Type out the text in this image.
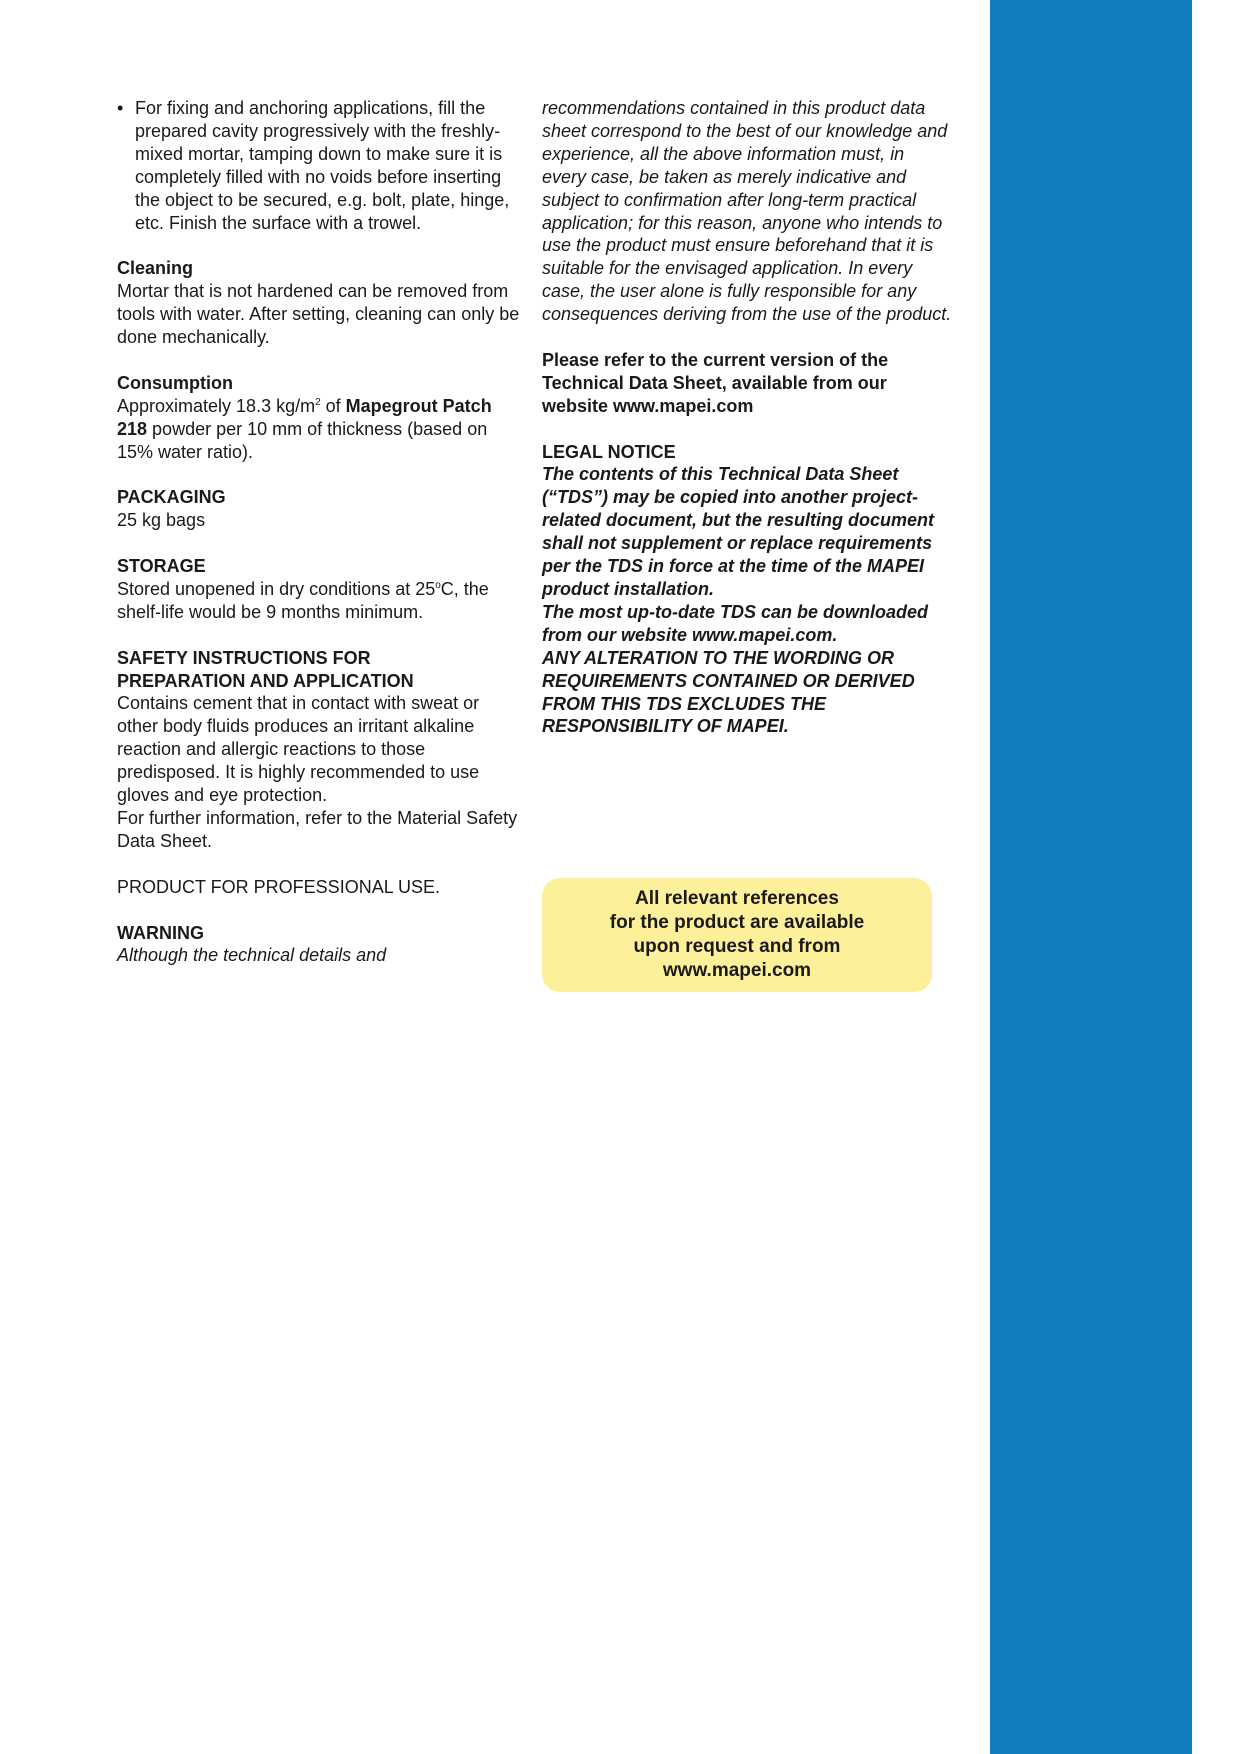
• For fixing and anchoring applications, fill the prepared cavity progressively with the freshly-mixed mortar, tamping down to make sure it is completely filled with no voids before inserting the object to be secured, e.g. bolt, plate, hinge, etc. Finish the surface with a trowel.
Cleaning

Mortar that is not hardened can be removed from tools with water. After setting, cleaning can only be done mechanically.

Consumption

Approximately 18.3 $kg/m^2$ of Mapegrout Patch 218 powder per 10 mm of thickness (based on 15% water ratio).

PACKAGING

25 kg bags

STORAGE

Stored unopened in dry conditions at 25$^o$C, the shelf-life would be 9 months minimum.

SAFETY INSTRUCTIONS FOR
PREPARATION AND APPLICATION

Contains cement that in contact with sweat or other body fluids produces an irritant alkaline reaction and allergic reactions to those predisposed. It is highly recommended to use gloves and eye protection.

For further information, refer to the Material Safety Data Sheet.

PRODUCT FOR PROFESSIONAL USE.

WARNING

Although the technical details and

recommendations contained in this product data sheet correspond to the best of our knowledge and experience, all the above information must, in every case, be taken as merely indicative and subject to confirmation after long-term practical application; for this reason, anyone who intends to use the product must ensure beforehand that it is suitable for the envisaged application. In every case, the user alone is fully responsible for any consequences deriving from the use of the product.

Please refer to the current version of the Technical Data Sheet, available from our website www.mapei.com

LEGAL NOTICE

The contents of this Technical Data Sheet (“TDS”) may be copied into another project-related document, but the resulting document shall not supplement or replace requirements per the TDS in force at the time of the MAPEI product installation.

The most up-to-date TDS can be downloaded from our website www.mapei.com.

ANY ALTERATION TO THE WORDING OR REQUIREMENTS CONTAINED OR DERIVED FROM THIS TDS EXCLUDES THE RESPONSIBILITY OF MAPEI.

All relevant references
for the product are available
upon request and from
www.mapei.com
